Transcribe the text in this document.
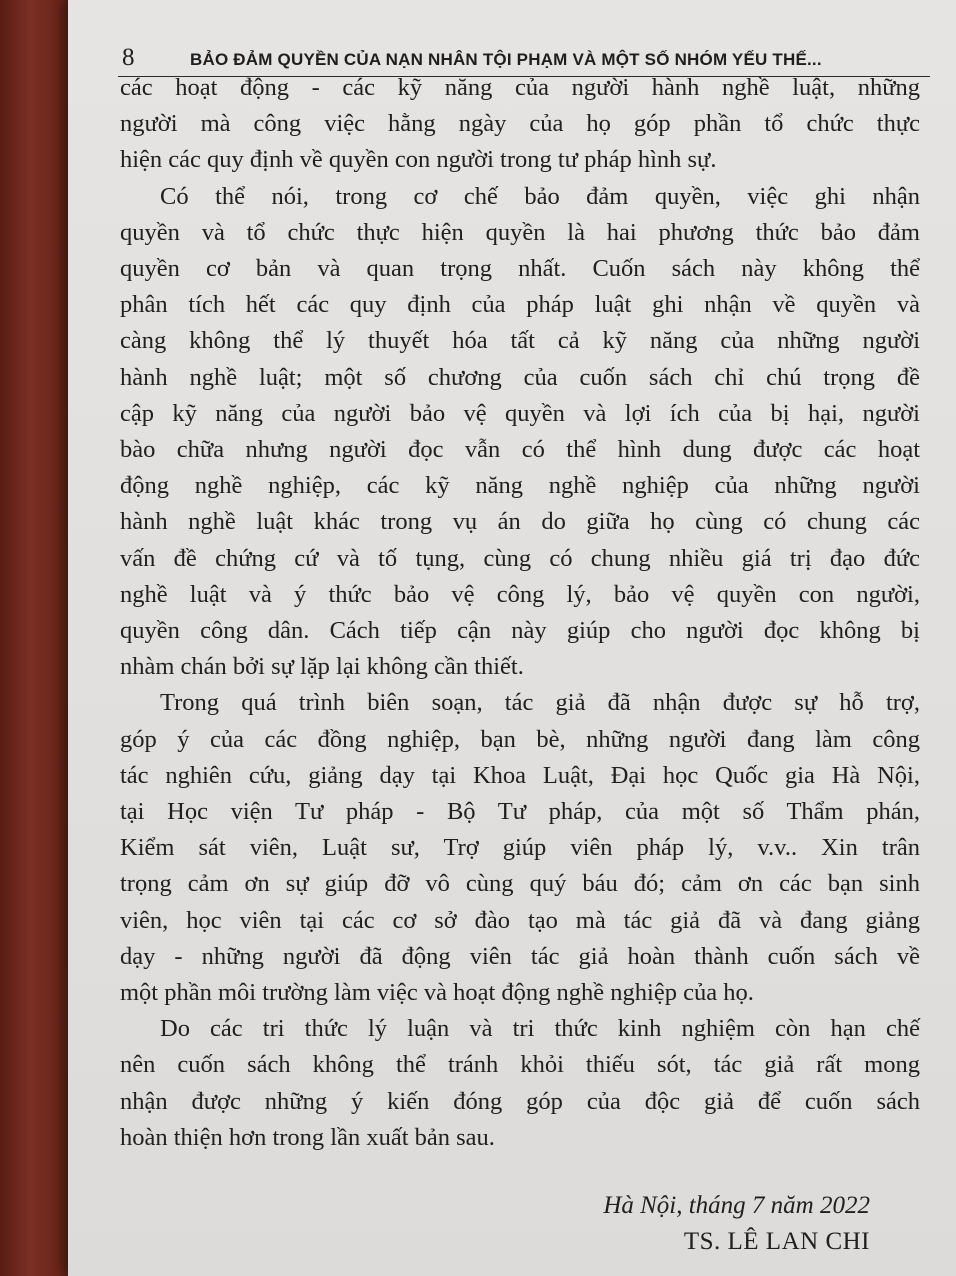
8	BẢO ĐẢM QUYỀN CỦA NẠN NHÂN TỘI PHẠM VÀ MỘT SỐ NHÓM YẾU THẾ...

các hoạt động - các kỹ năng của người hành nghề luật, những
người mà công việc hằng ngày của họ góp phần tổ chức thực
hiện các quy định về quyền con người trong tư pháp hình sự.

Có thể nói, trong cơ chế bảo đảm quyền, việc ghi nhận
quyền và tổ chức thực hiện quyền là hai phương thức bảo đảm
quyền cơ bản và quan trọng nhất. Cuốn sách này không thể
phân tích hết các quy định của pháp luật ghi nhận về quyền và
càng không thể lý thuyết hóa tất cả kỹ năng của những người
hành nghề luật; một số chương của cuốn sách chỉ chú trọng đề
cập kỹ năng của người bảo vệ quyền và lợi ích của bị hại, người
bào chữa nhưng người đọc vẫn có thể hình dung được các hoạt
động nghề nghiệp, các kỹ năng nghề nghiệp của những người
hành nghề luật khác trong vụ án do giữa họ cùng có chung các
vấn đề chứng cứ và tố tụng, cùng có chung nhiều giá trị đạo đức
nghề luật và ý thức bảo vệ công lý, bảo vệ quyền con người,
quyền công dân. Cách tiếp cận này giúp cho người đọc không bị
nhàm chán bởi sự lặp lại không cần thiết.

Trong quá trình biên soạn, tác giả đã nhận được sự hỗ trợ,
góp ý của các đồng nghiệp, bạn bè, những người đang làm công
tác nghiên cứu, giảng dạy tại Khoa Luật, Đại học Quốc gia Hà Nội,
tại Học viện Tư pháp - Bộ Tư pháp, của một số Thẩm phán,
Kiểm sát viên, Luật sư, Trợ giúp viên pháp lý, v.v.. Xin trân
trọng cảm ơn sự giúp đỡ vô cùng quý báu đó; cảm ơn các bạn sinh
viên, học viên tại các cơ sở đào tạo mà tác giả đã và đang giảng
dạy - những người đã động viên tác giả hoàn thành cuốn sách về
một phần môi trường làm việc và hoạt động nghề nghiệp của họ.

Do các tri thức lý luận và tri thức kinh nghiệm còn hạn chế
nên cuốn sách không thể tránh khỏi thiếu sót, tác giả rất mong
nhận được những ý kiến đóng góp của độc giả để cuốn sách
hoàn thiện hơn trong lần xuất bản sau.

Hà Nội, tháng 7 năm 2022
TS. LÊ LAN CHI
